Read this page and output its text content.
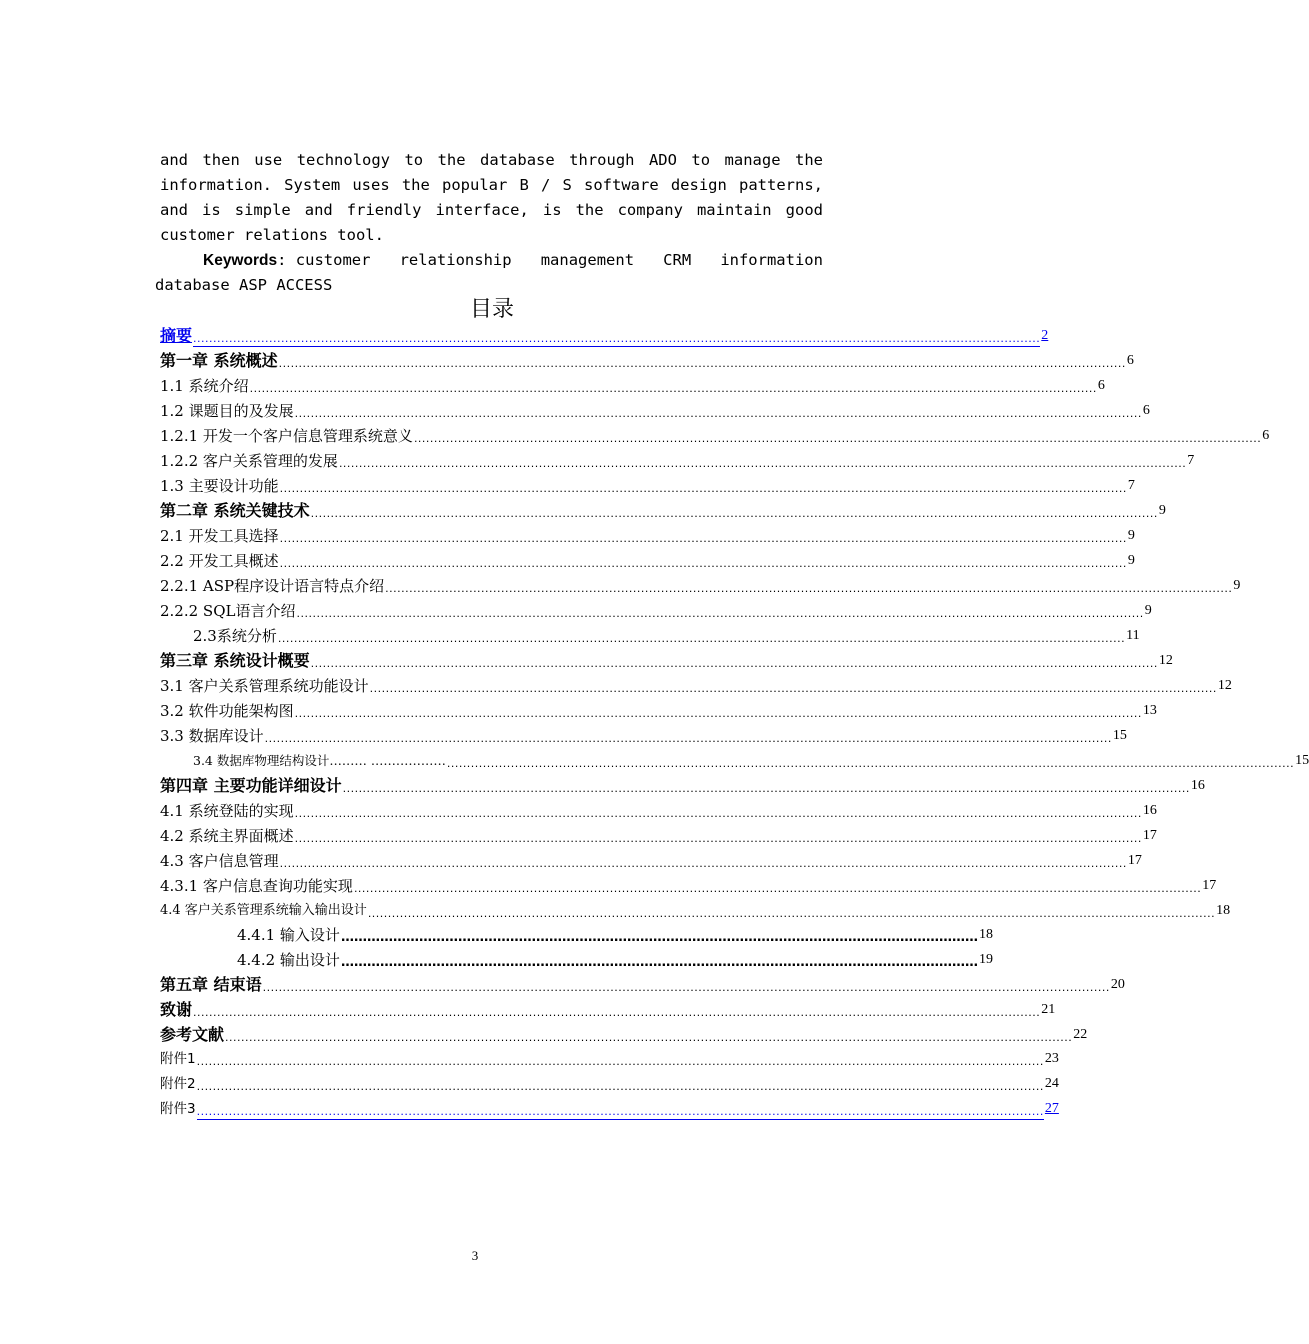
and then use technology to the database through ADO to manage the
information. System uses the popular B / S software design patterns,
and is simple and friendly interface, is the company maintain good
customer relations tool.
Keywords: customer relationship management CRM information
database ASP ACCESS
目录
摘要 .................................................................................................................................................................................................................... 2
第一章 系统概述 .................................................................................................................................................................................................................... 6
1.1 系统介绍 .................................................................................................................................................................................................................... 6
1.2 课题目的及发展 .................................................................................................................................................................................................................... 6
1.2.1 开发一个客户信息管理系统意义 .................................................................................................................................................................................................................... 6
1.2.2 客户关系管理的发展 .................................................................................................................................................................................................................... 7
1.3 主要设计功能 .................................................................................................................................................................................................................... 7
第二章 系统关键技术 .................................................................................................................................................................................................................... 9
2.1 开发工具选择 .................................................................................................................................................................................................................... 9
2.2 开发工具概述 .................................................................................................................................................................................................................... 9
2.2.1 ASP程序设计语言特点介绍 .................................................................................................................................................................................................................... 9
2.2.2 SQL语言介绍 .................................................................................................................................................................................................................... 9
2.3系统分析 .................................................................................................................................................................................................................... 11
第三章 系统设计概要 .................................................................................................................................................................................................................... 12
3.1 客户关系管理系统功能设计 .................................................................................................................................................................................................................... 12
3.2 软件功能架构图 .................................................................................................................................................................................................................... 13
3.3 数据库设计 .................................................................................................................................................................................................................... 15
3.4 数据库物理结构设计……… ……………… .................................................................................................................................................................................................................... 15
第四章 主要功能详细设计 .................................................................................................................................................................................................................... 16
4.1 系统登陆的实现 .................................................................................................................................................................................................................... 16
4.2 系统主界面概述 .................................................................................................................................................................................................................... 17
4.3 客户信息管理 .................................................................................................................................................................................................................... 17
4.3.1 客户信息查询功能实现 .................................................................................................................................................................................................................... 17
4.4 客户关系管理系统输入输出设计 .................................................................................................................................................................................................................... 18
4.4.1 输入设计 ………………………………………………………………………………………………………………………………… 18
4.4.2 输出设计 ………………………………………………………………………………………………………………………………… 19
第五章 结束语 .................................................................................................................................................................................................................... 20
致谢 .................................................................................................................................................................................................................... 21
参考文献 .................................................................................................................................................................................................................... 22
附件1 .................................................................................................................................................................................................................... 23
附件2 .................................................................................................................................................................................................................... 24
附件3 .................................................................................................................................................................................................................... 27
3
